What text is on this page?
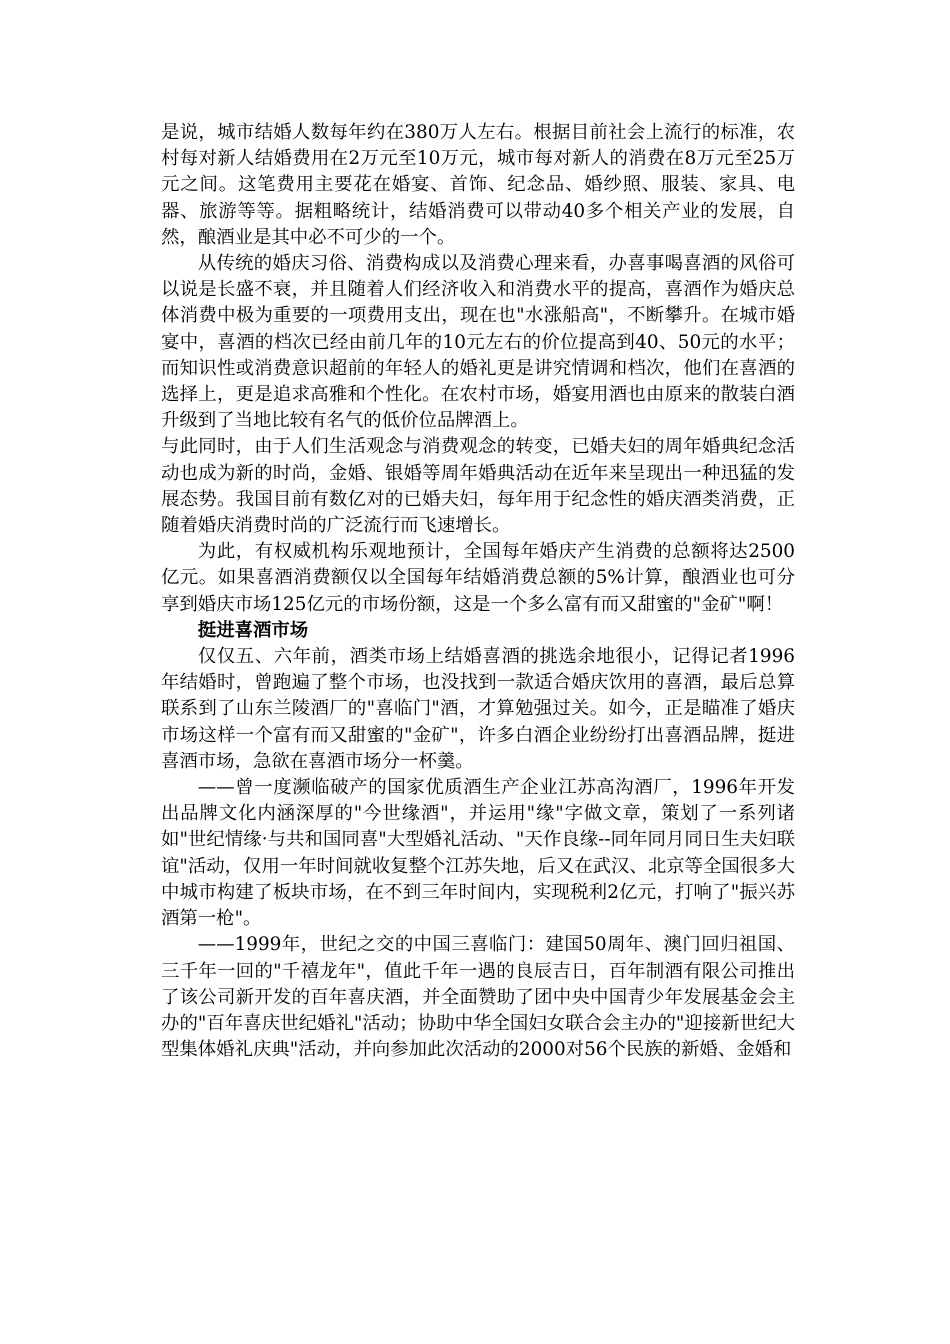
是说，城市结婚人数每年约在380万人左右。根据目前社会上流行的标准，农村每对新人结婚费用在2万元至10万元，城市每对新人的消费在8万元至25万元之间。这笔费用主要花在婚宴、首饰、纪念品、婚纱照、服装、家具、电器、旅游等等。据粗略统计，结婚消费可以带动40多个相关产业的发展，自然，酿酒业是其中必不可少的一个。

从传统的婚庆习俗、消费构成以及消费心理来看，办喜事喝喜酒的风俗可以说是长盛不衰，并且随着人们经济收入和消费水平的提高，喜酒作为婚庆总体消费中极为重要的一项费用支出，现在也"水涨船高"，不断攀升。在城市婚宴中，喜酒的档次已经由前几年的10元左右的价位提高到40、50元的水平；而知识性或消费意识超前的年轻人的婚礼更是讲究情调和档次，他们在喜酒的选择上，更是追求高雅和个性化。在农村市场，婚宴用酒也由原来的散装白酒升级到了当地比较有名气的低价位品牌酒上。

与此同时，由于人们生活观念与消费观念的转变，已婚夫妇的周年婚典纪念活动也成为新的时尚，金婚、银婚等周年婚典活动在近年来呈现出一种迅猛的发展态势。我国目前有数亿对的已婚夫妇，每年用于纪念性的婚庆酒类消费，正随着婚庆消费时尚的广泛流行而飞速增长。

为此，有权威机构乐观地预计，全国每年婚庆产生消费的总额将达2500亿元。如果喜酒消费额仅以全国每年结婚消费总额的5%计算，酿酒业也可分享到婚庆市场125亿元的市场份额，这是一个多么富有而又甜蜜的"金矿"啊！

挺进喜酒市场

仅仅五、六年前，酒类市场上结婚喜酒的挑选余地很小，记得记者1996年结婚时，曾跑遍了整个市场，也没找到一款适合婚庆饮用的喜酒，最后总算联系到了山东兰陵酒厂的"喜临门"酒，才算勉强过关。如今，正是瞄准了婚庆市场这样一个富有而又甜蜜的"金矿"，许多白酒企业纷纷打出喜酒品牌，挺进喜酒市场，急欲在喜酒市场分一杯羹。

——曾一度濒临破产的国家优质酒生产企业江苏高沟酒厂，1996年开发出品牌文化内涵深厚的"今世缘酒"，并运用"缘"字做文章，策划了一系列诸如"世纪情缘·与共和国同喜"大型婚礼活动、"天作良缘--同年同月同日生夫妇联谊"活动，仅用一年时间就收复整个江苏失地，后又在武汉、北京等全国很多大中城市构建了板块市场，在不到三年时间内，实现税利2亿元，打响了"振兴苏酒第一枪"。

——1999年，世纪之交的中国三喜临门：建国50周年、澳门回归祖国、三千年一回的"千禧龙年"，值此千年一遇的良辰吉日，百年制酒有限公司推出了该公司新开发的百年喜庆酒，并全面赞助了团中央中国青少年发展基金会主办的"百年喜庆世纪婚礼"活动；协助中华全国妇女联合会主办的"迎接新世纪大型集体婚礼庆典"活动，并向参加此次活动的2000对56个民族的新婚、金婚和
